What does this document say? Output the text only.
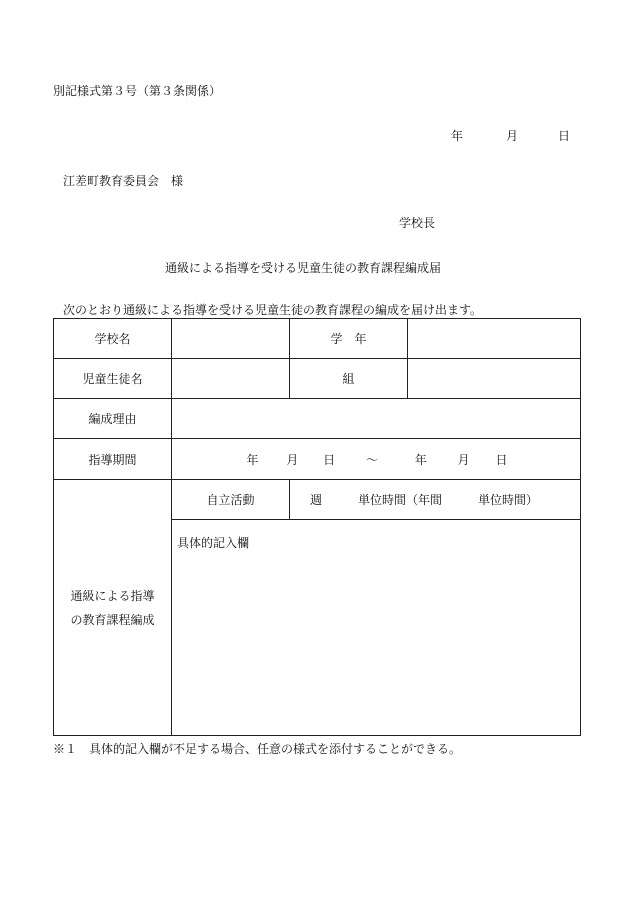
別記様式第３号（第３条関係）
年	月	日
江差町教育委員会　様
学校長
通級による指導を受ける児童生徒の教育課程編成届
次のとおり通級による指導を受ける児童生徒の教育課程の編成を届け出ます。
学校名		学　年	
児童生徒名		組	
編成理由			
指導期間	年 月 日 ～ 年 月 日		

通級による指導
の教育課程編成	自立活動	週　　　単位時間（年間　　　単位時間）	
	具体的記入欄		
※１　具体的記入欄が不足する場合、任意の様式を添付することができる。
